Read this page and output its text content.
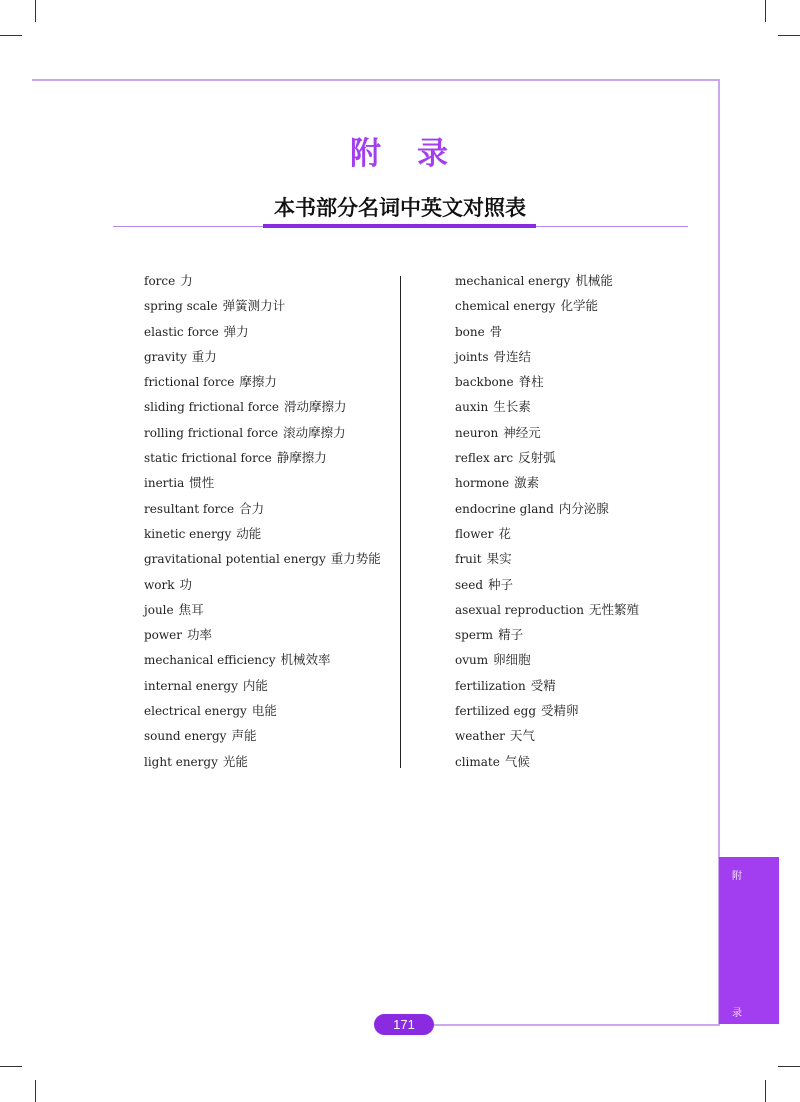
附 录
本书部分名词中英文对照表
force 力
spring scale 弹簧测力计
elastic force 弹力
gravity 重力
frictional force 摩擦力
sliding frictional force 滑动摩擦力
rolling frictional force 滚动摩擦力
static frictional force 静摩擦力
inertia 惯性
resultant force 合力
kinetic energy 动能
gravitational potential energy 重力势能
work 功
joule 焦耳
power 功率
mechanical efficiency 机械效率
internal energy 内能
electrical energy 电能
sound energy 声能
light energy 光能
mechanical energy 机械能
chemical energy 化学能
bone 骨
joints 骨连结
backbone 脊柱
auxin 生长素
neuron 神经元
reflex arc 反射弧
hormone 激素
endocrine gland 内分泌腺
flower 花
fruit 果实
seed 种子
asexual reproduction 无性繁殖
sperm 精子
ovum 卵细胞
fertilization 受精
fertilized egg 受精卵
weather 天气
climate 气候
附
录
171
